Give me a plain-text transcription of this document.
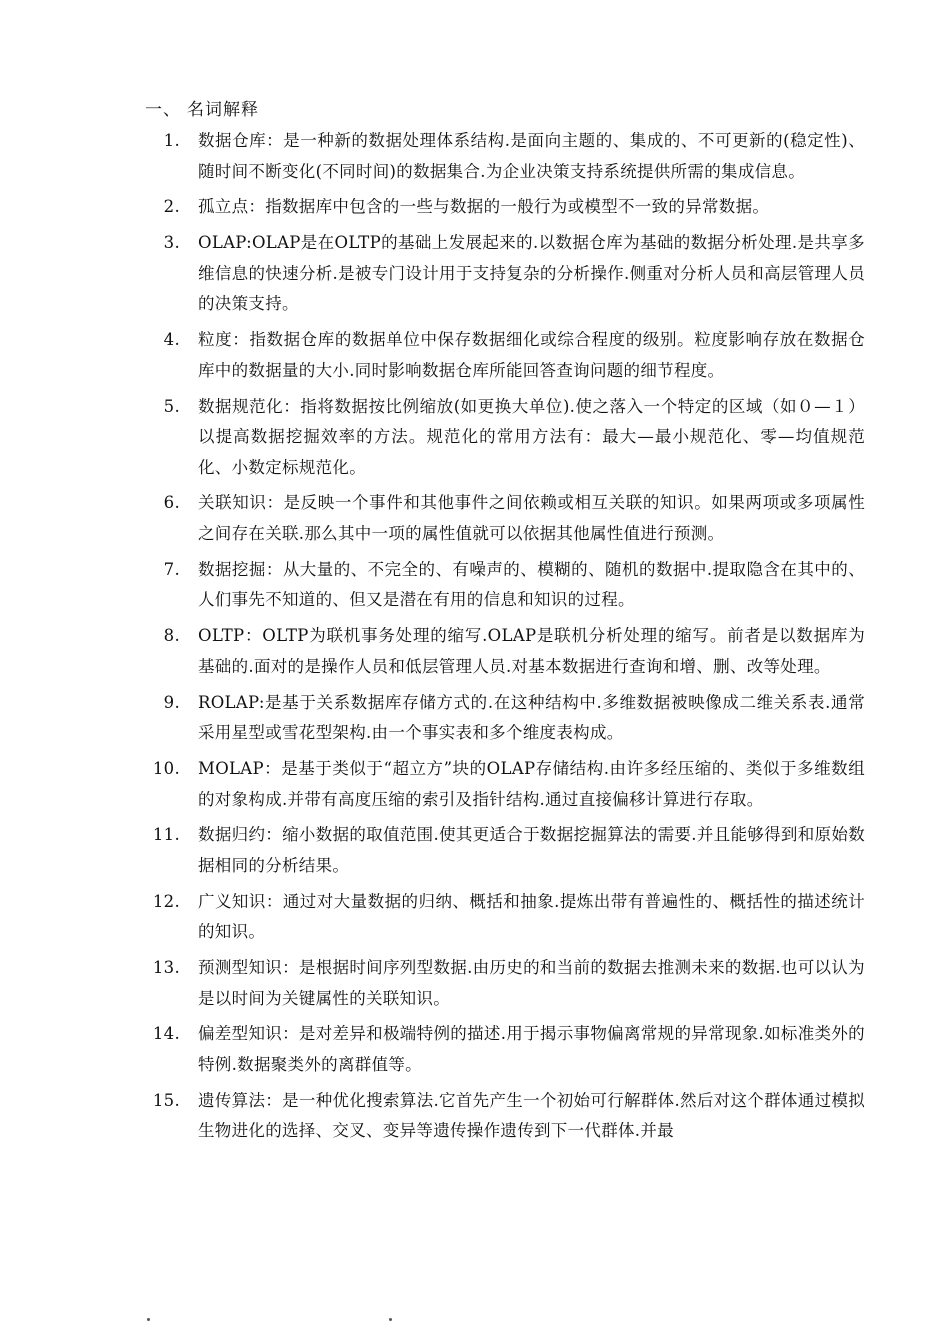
一、 名词解释
1. 数据仓库：是一种新的数据处理体系结构.是面向主题的、集成的、不可更新的(稳定性)、随时间不断变化(不同时间)的数据集合.为企业决策支持系统提供所需的集成信息。
2. 孤立点：指数据库中包含的一些与数据的一般行为或模型不一致的异常数据。
3. OLAP:OLAP是在OLTP的基础上发展起来的.以数据仓库为基础的数据分析处理.是共享多维信息的快速分析.是被专门设计用于支持复杂的分析操作.侧重对分析人员和高层管理人员的决策支持。
4. 粒度：指数据仓库的数据单位中保存数据细化或综合程度的级别。粒度影响存放在数据仓库中的数据量的大小.同时影响数据仓库所能回答查询问题的细节程度。
5. 数据规范化：指将数据按比例缩放(如更换大单位).使之落入一个特定的区域（如０—１）以提高数据挖掘效率的方法。规范化的常用方法有：最大—最小规范化、零—均值规范化、小数定标规范化。
6. 关联知识：是反映一个事件和其他事件之间依赖或相互关联的知识。如果两项或多项属性之间存在关联.那么其中一项的属性值就可以依据其他属性值进行预测。
7. 数据挖掘：从大量的、不完全的、有噪声的、模糊的、随机的数据中.提取隐含在其中的、人们事先不知道的、但又是潜在有用的信息和知识的过程。
8. OLTP：OLTP为联机事务处理的缩写.OLAP是联机分析处理的缩写。前者是以数据库为基础的.面对的是操作人员和低层管理人员.对基本数据进行查询和增、删、改等处理。
9. ROLAP:是基于关系数据库存储方式的.在这种结构中.多维数据被映像成二维关系表.通常采用星型或雪花型架构.由一个事实表和多个维度表构成。
10. MOLAP：是基于类似于“超立方”块的OLAP存储结构.由许多经压缩的、类似于多维数组的对象构成.并带有高度压缩的索引及指针结构.通过直接偏移计算进行存取。
11. 数据归约：缩小数据的取值范围.使其更适合于数据挖掘算法的需要.并且能够得到和原始数据相同的分析结果。
12. 广义知识：通过对大量数据的归纳、概括和抽象.提炼出带有普遍性的、概括性的描述统计的知识。
13. 预测型知识：是根据时间序列型数据.由历史的和当前的数据去推测未来的数据.也可以认为是以时间为关键属性的关联知识。
14. 偏差型知识：是对差异和极端特例的描述.用于揭示事物偏离常规的异常现象.如标准类外的特例.数据聚类外的离群值等。
15. 遗传算法：是一种优化搜索算法.它首先产生一个初始可行解群体.然后对这个群体通过模拟生物进化的选择、交叉、变异等遗传操作遗传到下一代群体.并最
